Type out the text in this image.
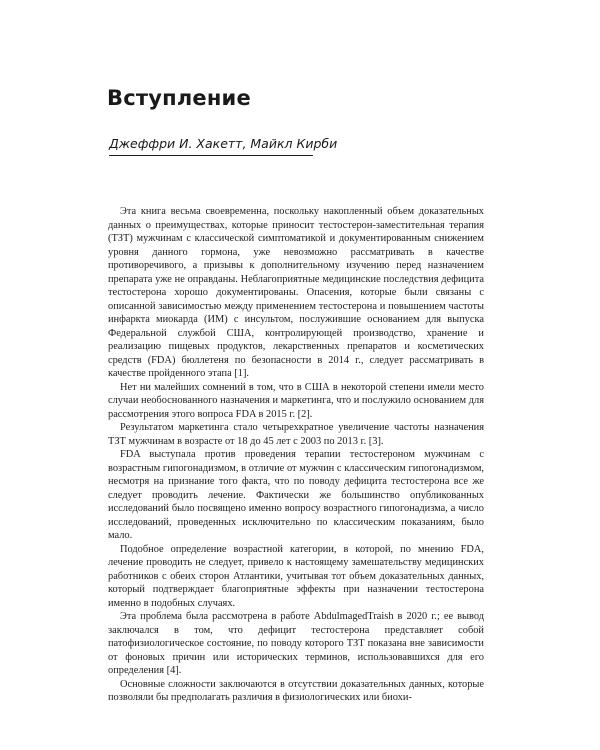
Вступление
Джеффри И. Хакетт, Майкл Кирби

Эта книга весьма своевременна, поскольку накопленный объем доказательных данных о преимуществах, которые приносит тестостерон-заместительная терапия (ТЗТ) мужчинам с классической симптоматикой и документированным снижением уровня данного гормона, уже невозможно рассматривать в качестве противоречивого, а призывы к дополнительному изучению перед назначением препарата уже не оправданы. Неблагоприятные медицинские последствия дефицита тестостерона хорошо документированы. Опасения, которые были связаны с описанной зависимостью между применением тестостерона и повышением частоты инфаркта миокарда (ИМ) с инсультом, послужившие основанием для выпуска Федеральной службой США, контролирующей производство, хранение и реализацию пищевых продуктов, лекарственных препаратов и косметических средств (FDA) бюллетеня по безопасности в 2014 г., следует рассматривать в качестве пройденного этапа [1].

Нет ни малейших сомнений в том, что в США в некоторой степени имели место случаи необоснованного назначения и маркетинга, что и послужило основанием для рассмотрения этого вопроса FDA в 2015 г. [2].

Результатом маркетинга стало четырехкратное увеличение частоты назначения ТЗТ мужчинам в возрасте от 18 до 45 лет с 2003 по 2013 г. [3].

FDA выступала против проведения терапии тестостероном мужчинам с возрастным гипогонадизмом, в отличие от мужчин с классическим гипогонадизмом, несмотря на признание того факта, что по поводу дефицита тестостерона все же следует проводить лечение. Фактически же большинство опубликованных исследований было посвящено именно вопросу возрастного гипогонадизма, а число исследований, проведенных исключительно по классическим показаниям, было мало.

Подобное определение возрастной категории, в которой, по мнению FDA, лечение проводить не следует, привело к настоящему замешательству медицинских работников с обеих сторон Атлантики, учитывая тот объем доказательных данных, который подтверждает благоприятные эффекты при назначении тестостерона именно в подобных случаях.

Эта проблема была рассмотрена в работе AbdulmagedTraish в 2020 г.; ее вывод заключался в том, что дефицит тестостерона представляет собой патофизиологическое состояние, по поводу которого ТЗТ показана вне зависимости от фоновых причин или исторических терминов, использовавшихся для его определения [4].

Основные сложности заключаются в отсутствии доказательных данных, которые позволяли бы предполагать различия в физиологических или биохи-
